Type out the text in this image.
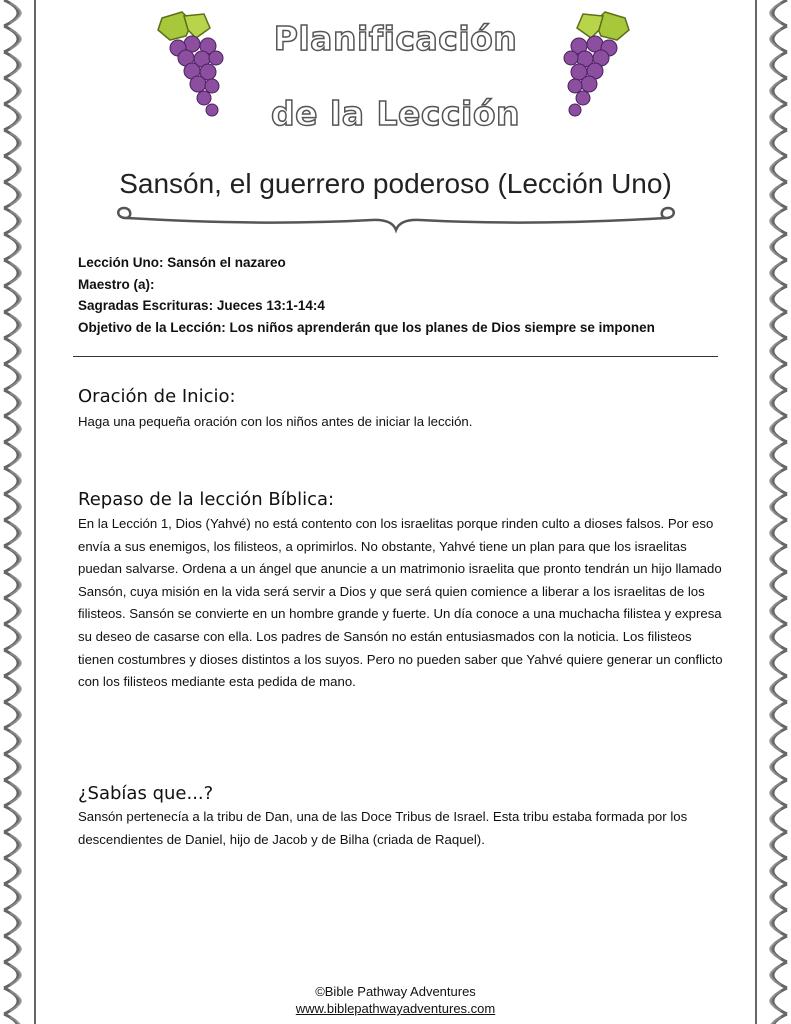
Planificación
de la Lección
Sansón, el guerrero poderoso (Lección Uno)
Lección Uno: Sansón el nazareo
Maestro (a):
Sagradas Escrituras: Jueces 13:1-14:4
Objetivo de la Lección: Los niños aprenderán que los planes de Dios siempre se imponen
Oración de Inicio:
Haga una pequeña oración con los niños antes de iniciar la lección.
Repaso de la lección Bíblica:
En la Lección 1, Dios (Yahvé) no está contento con los israelitas porque rinden culto a dioses falsos. Por eso envía a sus enemigos, los filisteos, a oprimirlos. No obstante, Yahvé tiene un plan para que los israelitas puedan salvarse. Ordena a un ángel que anuncie a un matrimonio israelita que pronto tendrán un hijo llamado Sansón, cuya misión en la vida será servir a Dios y que será quien comience a liberar a los israelitas de los filisteos. Sansón se convierte en un hombre grande y fuerte. Un día conoce a una muchacha filistea y expresa su deseo de casarse con ella. Los padres de Sansón no están entusiasmados con la noticia. Los filisteos tienen costumbres y dioses distintos a los suyos. Pero no pueden saber que Yahvé quiere generar un conflicto con los filisteos mediante esta pedida de mano.
¿Sabías que...?
Sansón pertenecía a la tribu de Dan, una de las Doce Tribus de Israel. Esta tribu estaba formada por los descendientes de Daniel, hijo de Jacob y de Bilha (criada de Raquel).
©Bible Pathway Adventures
www.biblepathwayadventures.com
